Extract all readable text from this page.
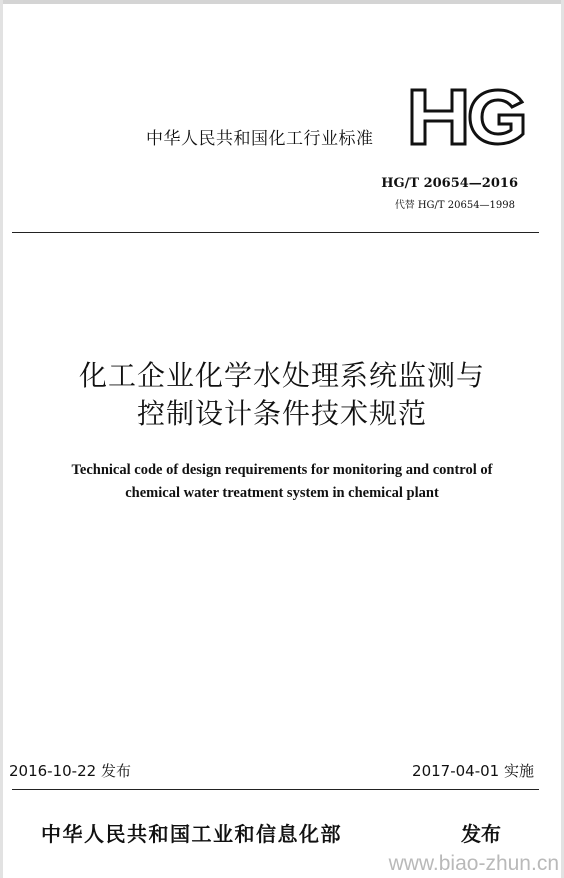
中华人民共和国化工行业标准
HG/T 20654—2016
代替 HG/T 20654—1998
化工企业化学水处理系统监测与
控制设计条件技术规范
Technical code of design requirements for monitoring and control of
chemical water treatment system in chemical plant
2016-10-22 发布	2017-04-01 实施
中华人民共和国工业和信息化部	发布
www.biao-zhun.cn
